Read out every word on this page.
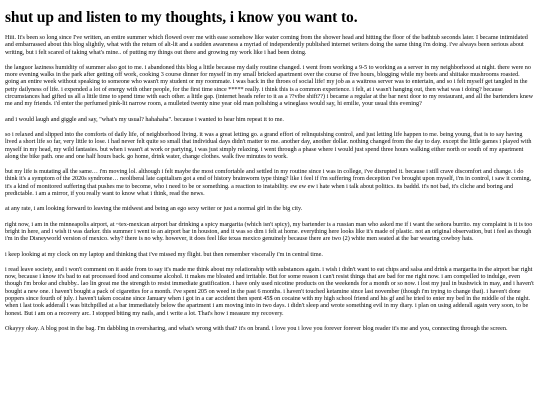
shut up and listen to my thoughts, i know you want to.

Hiii. It's been so long since I've written, an entire summer which flowed over me with ease somehow like water coming from the shower head and hitting the floor of the bathtub seconds later. I became intimidated and embarrassed about this blog slightly, what with the return of alt-lit and a sudden awareness a myriad of independently published internet writers doing the same thing i'm doing. i've always been serious about writing, but i felt scared of taking what's mine.. of putting my things out there and growing my work like i had been doing.

the languor laziness humidity of summer also got to me. i abandoned this blog a little because my daily routine changed. i went from working a 9-5 to working as a server in my neighborhood at night. there were no more evening walks in the park after getting off work, cooking 3 course dinner for myself in my small bricked apartment over the course of five hours, blogging while my beets and shiitake mushrooms roasted. going an entire week without speaking to someone who wasn't my student or my roommate. i was back in the throes of social life! my job as a waitress server was to entertain, and so i felt myself get tangled in the petty dailyness of life. i expended a lot of energy with other people, for the first time since ***** really. i think this is a common experience. i felt, at i wasn't hanging out, then what was i doing? because circumstances had gifted us all a little time to spend time with each other. a little gap. (internet heads refer to it as a ??vibe shift??) i became a regular at the bar next door to my restaurant, and all the bartenders knew me and my friends. i'd enter the perfumed pink-lit narrow room, a mulleted twenty nine year old man polishing a wineglass would say, hi emilie, your usual this evening?

and i would laugh and giggle and say, "what's my usual? hahahaha". because i wanted to hear him repeat it to me.

so i relaxed and slipped into the comforts of daily life, of neighborhood living. it was a great letting go. a grand effort of relinquishing control, and just letting life happen to me. being young, that is to say having lived a short life so far, very little to lose. i had never felt quite so small that individual days didn't matter to me. another day, another dollar. nothing changed from the day to day. except the little games i played with myself in my head, my wild fantasies. but when i wasn't at work or partying, i was just simply relaxing. i went through a phase where i would just spend three hours walking either north or south of my apartment along the bike path. one and one half hours back. go home, drink water, change clothes. walk five minutes to work.

but my life is mutating all the same… i'm moving lol. although i felt maybe the most comfortable and settled in my routine since i was in college, i've disrupted it. because i still crave discomfort and change. i do think it's a symptom of the 2020s syndrome… neoliberal late capitalism got a end of history brainworm type thing? like i feel if i'm suffering from deception i've brought upon myself, i'm in control, i saw it coming, it's a kind of monitored suffering that pushes me to become, who i need to be or something. a reaction to instability. ew ew ew i hate when i talk about politics. its baddd. it's not bad, it's cliche and boring and predictable. i am a mirror, if you really want to know what i think, read the news.

at any rate, i am looking forward to leaving the midwest and being an ego sexy writer or just a normal girl in the big city.

right now, i am in the minneapolis airport, at ~tex-mexican airport bar drinking a spicy margarita (which isn't spicy), my bartender is a russian man who asked me if i want the señora burrito. my complaint is it is too bright in here, and i wish it was darker. this summer i went to an airport bar in houston, and it was so dim i felt at home. everything here looks like it's made of plastic. not an original observation, but i feel as though i'm in the Disneyworld version of mexico. why? there is no why. however, it does feel like texas mexico genuinely because there are two (2) white men seated at the bar wearing cowboy hats.

i keep looking at my clock on my laptop and thinking that i've missed my flight. but then remember viscerally i'm in central time.

i read leave society, and i won't comment on it aside from to say it's made me think about my relationship with substances again. i wish i didn't want to eat chips and salsa and drink a margarita in the airport bar right now, because i know it's bad to eat processed food and consume alcohol. it makes me bloated and irritable. But for some reason i can't resist things that are bad for me right now. i am compelled to indulge, even though i'm broke and chubby.. lao lin great me the strength to resist immediate gratification. i have only used nicotine products on the weekends for a month or so now. i lost my juul in bushwick in may, and i haven't bought a new one. i haven't bought a pack of cigarettes for a month. i've spent 205 on weed in the past 6 months. i haven't touched ketamine since last november (though i'm trying to change that). i haven't done poppers since fourth of july. i haven't taken cocaine since January when i got in a car accident then spent 45$ on cocaine with my high school friend and his gf and he tried to enter my bed in the middle of the night. when i last took adderall i was bitchpilled at a bar immediately below the apartment i am moving into in two days. i didn't sleep and wrote something evil in my diary. i plan on using adderall again very soon, to be honest. But i am on a recovery arc. I stopped biting my nails, and i write a lot. That's how i measure my recovery.

Okayyy okay. A blog post in the bag. I'm dabbling in oversharing, and what's wrong with that? it's on brand. i love you i love you forever forever blog reader it's me and you, connecting through the screen.
